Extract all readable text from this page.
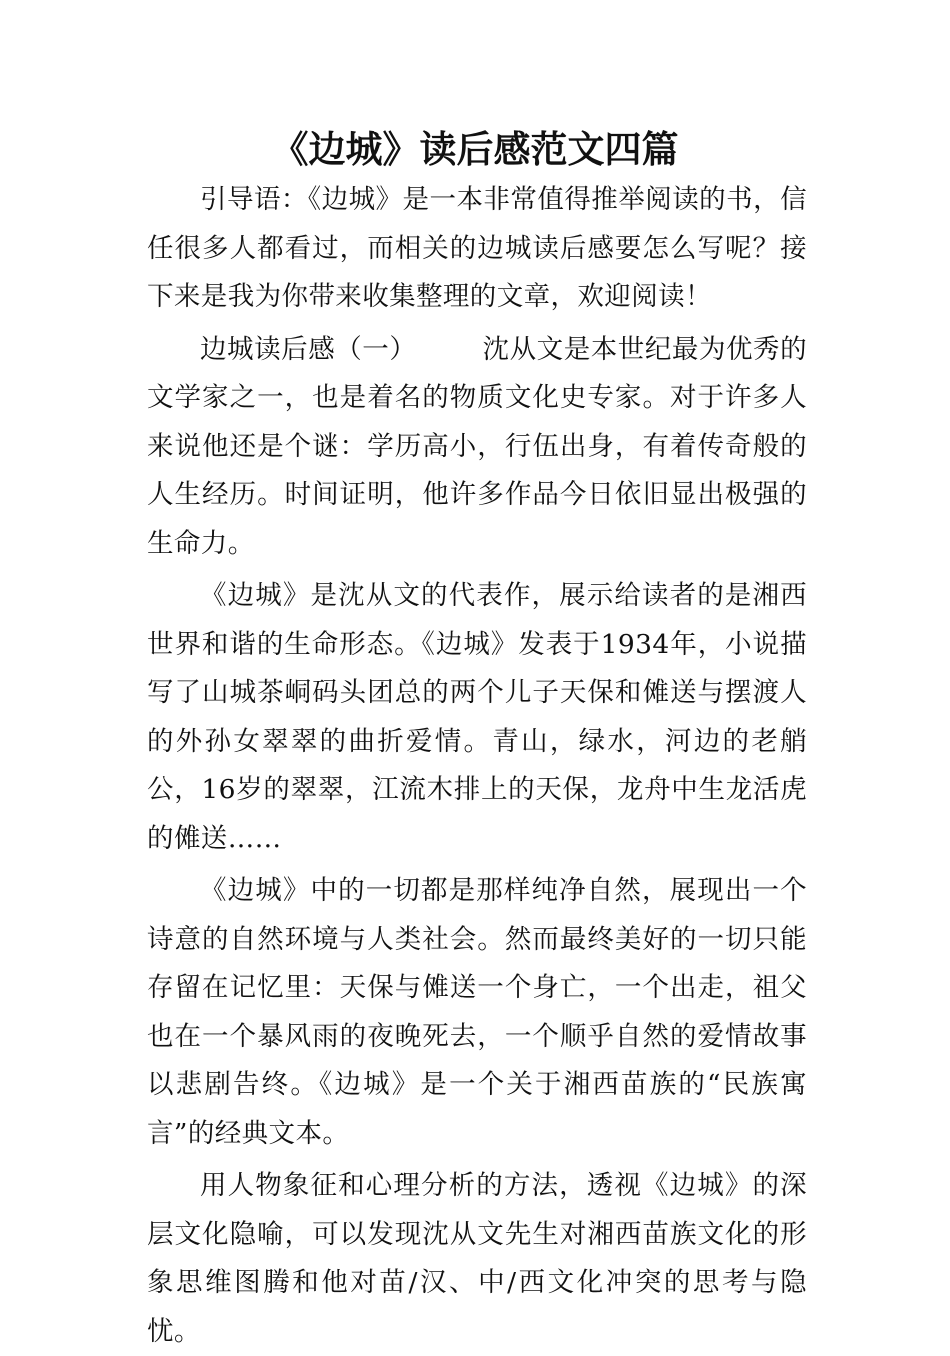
《边城》读后感范文四篇

引导语：《边城》是一本非常值得推举阅读的书，信任很多人都看过，而相关的边城读后感要怎么写呢？接下来是我为你带来收集整理的文章，欢迎阅读！

边城读后感（一） 沈从文是本世纪最为优秀的文学家之一，也是着名的物质文化史专家。对于许多人来说他还是个谜：学历高小，行伍出身，有着传奇般的人生经历。时间证明，他许多作品今日依旧显出极强的生命力。

《边城》是沈从文的代表作，展示给读者的是湘西世界和谐的生命形态。《边城》发表于1934年，小说描写了山城茶峒码头团总的两个儿子天保和傩送与摆渡人的外孙女翠翠的曲折爱情。青山，绿水，河边的老艄公，16岁的翠翠，江流木排上的天保，龙舟中生龙活虎的傩送……

《边城》中的一切都是那样纯净自然，展现出一个诗意的自然环境与人类社会。然而最终美好的一切只能存留在记忆里：天保与傩送一个身亡，一个出走，祖父也在一个暴风雨的夜晚死去，一个顺乎自然的爱情故事以悲剧告终。《边城》是一个关于湘西苗族的“民族寓言”的经典文本。

用人物象征和心理分析的方法，透视《边城》的深层文化隐喻，可以发现沈从文先生对湘西苗族文化的形象思维图腾和他对苗/汉、中/西文化冲突的思考与隐忧。
